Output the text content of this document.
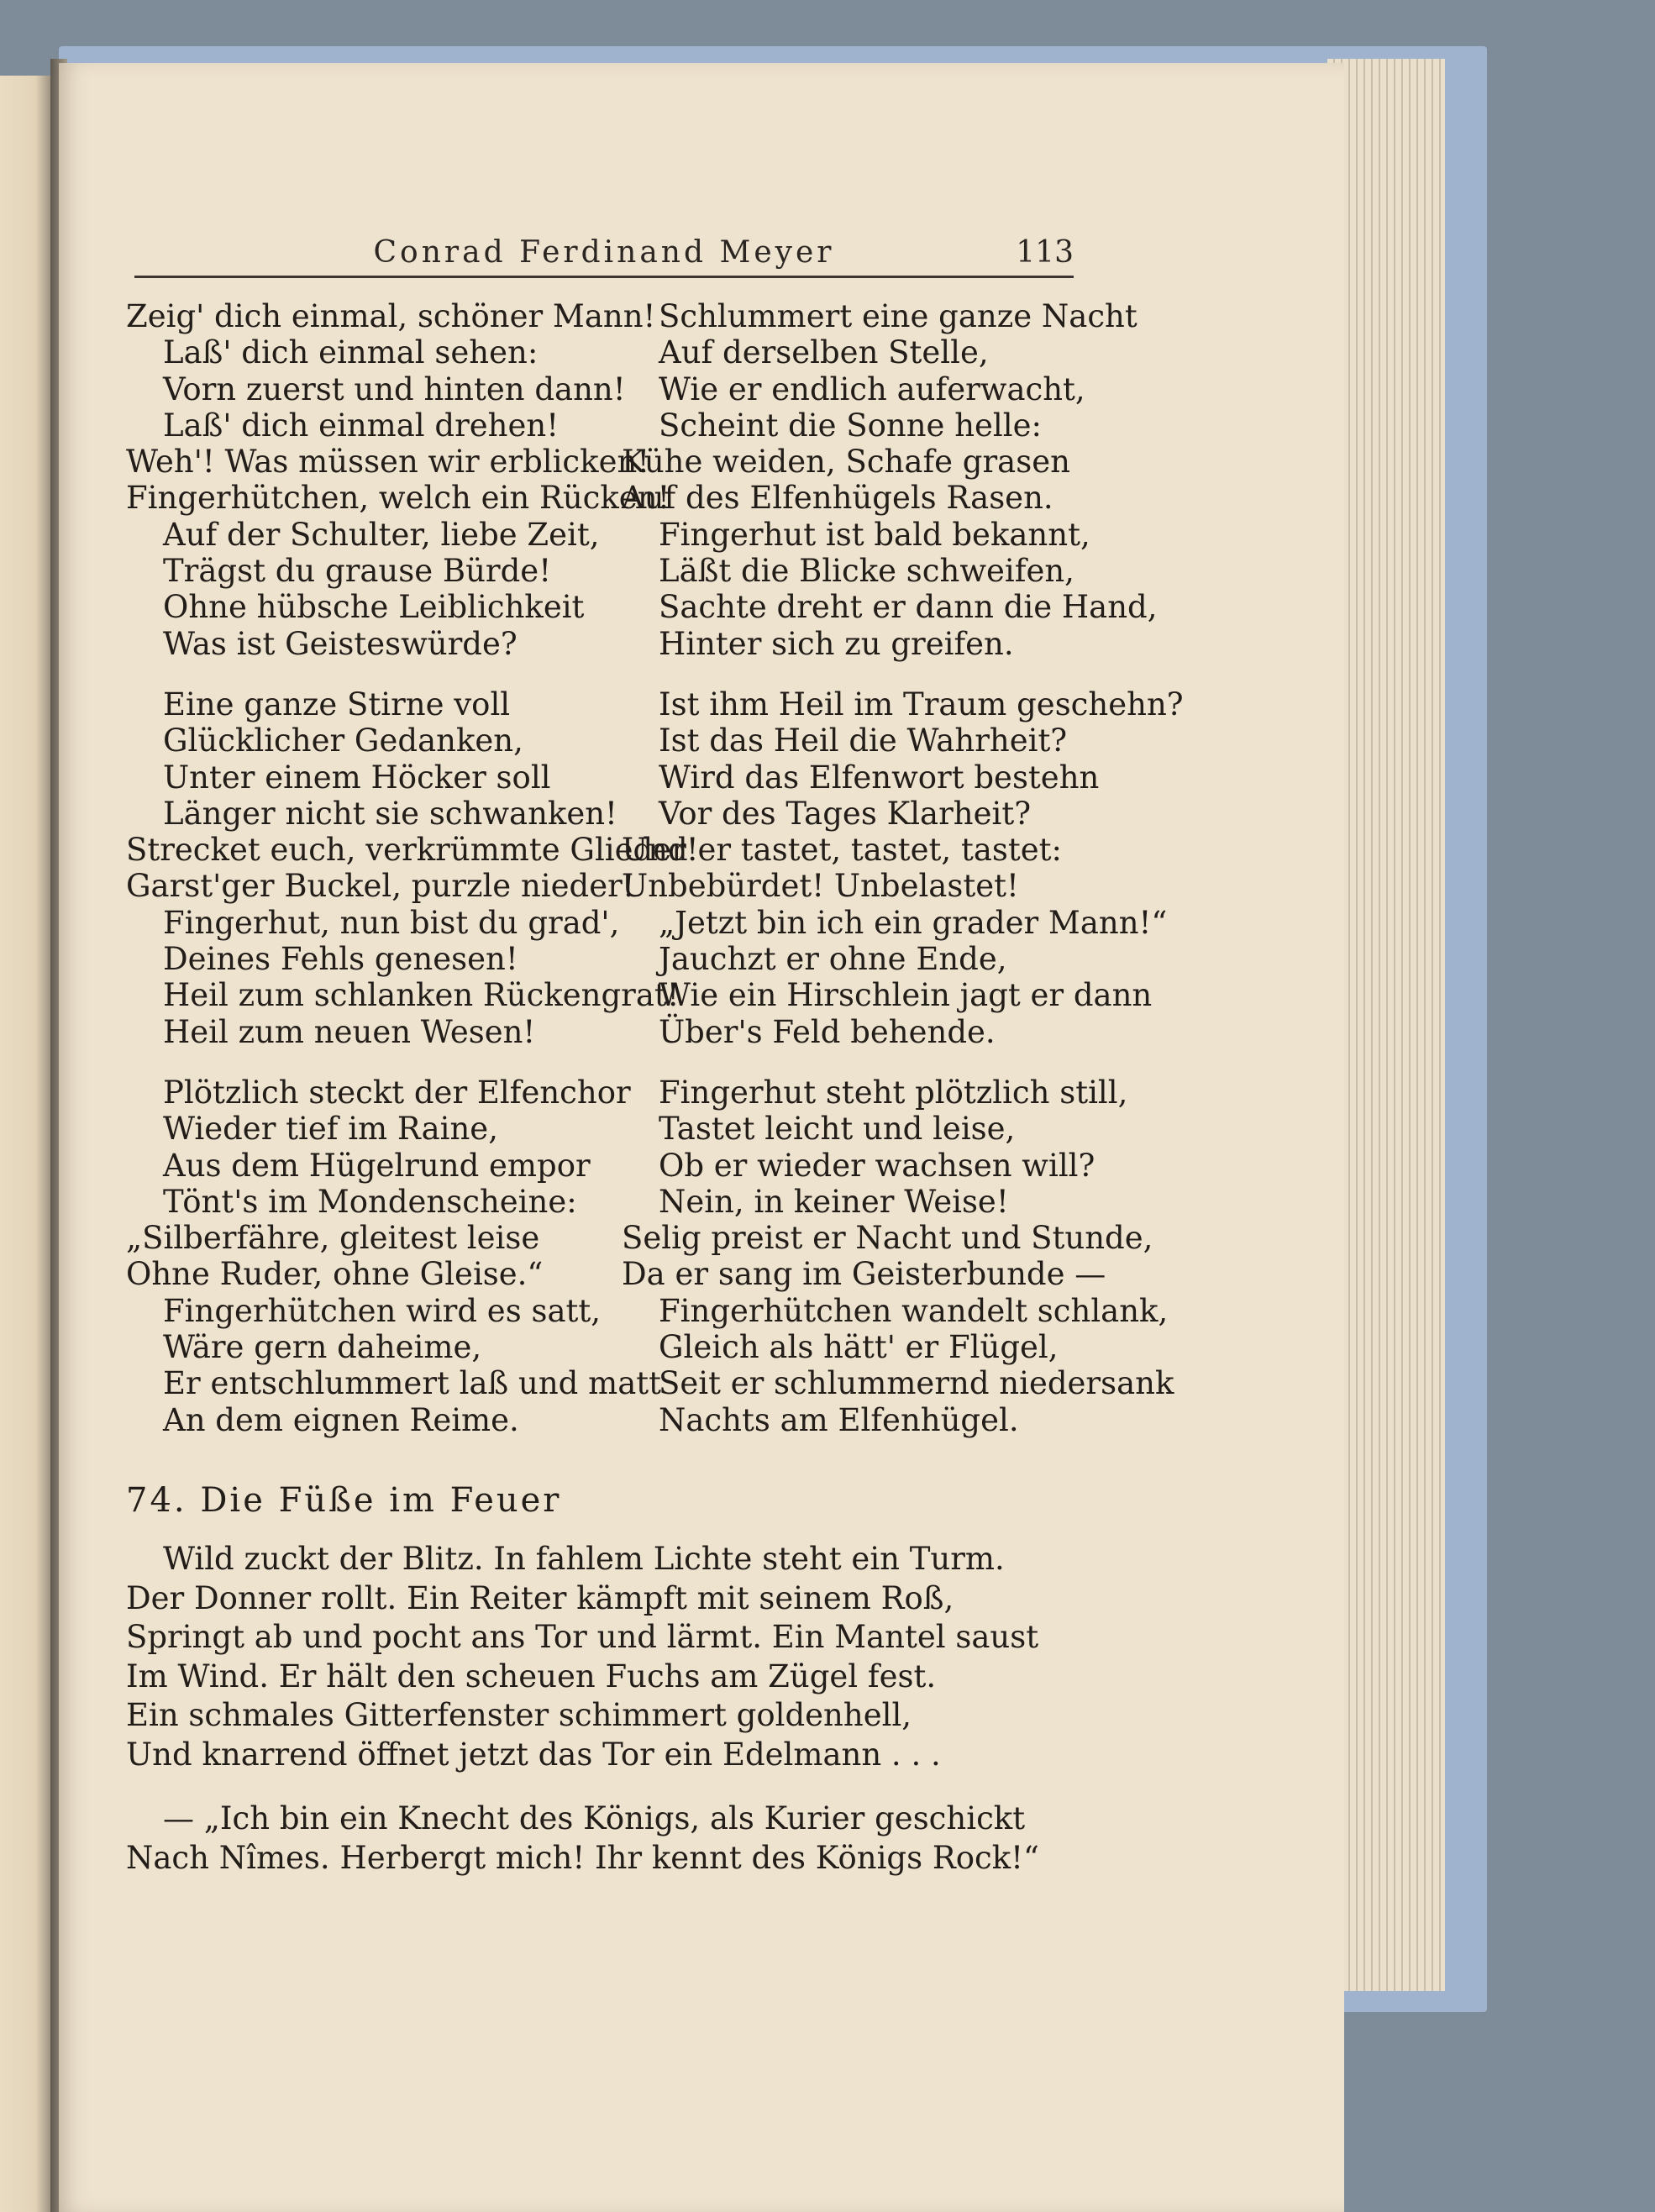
Conrad Ferdinand Meyer	113
Zeig' dich einmal, schöner Mann!
Laß' dich einmal sehen:
Vorn zuerst und hinten dann!
Laß' dich einmal drehen!
Weh'! Was müssen wir erblicken!
Fingerhütchen, welch ein Rücken!
Auf der Schulter, liebe Zeit,
Trägst du grause Bürde!
Ohne hübsche Leiblichkeit
Was ist Geisteswürde?
Eine ganze Stirne voll
Glücklicher Gedanken,
Unter einem Höcker soll
Länger nicht sie schwanken!
Strecket euch, verkrümmte Glieder!
Garst'ger Buckel, purzle nieder!
Fingerhut, nun bist du grad',
Deines Fehls genesen!
Heil zum schlanken Rückengrat!
Heil zum neuen Wesen!
Plötzlich steckt der Elfenchor
Wieder tief im Raine,
Aus dem Hügelrund empor
Tönt's im Mondenscheine:
„Silberfähre, gleitest leise
Ohne Ruder, ohne Gleise.“
Fingerhütchen wird es satt,
Wäre gern daheime,
Er entschlummert laß und matt
An dem eignen Reime.
Schlummert eine ganze Nacht
Auf derselben Stelle,
Wie er endlich auferwacht,
Scheint die Sonne helle:
Kühe weiden, Schafe grasen
Auf des Elfenhügels Rasen.
Fingerhut ist bald bekannt,
Läßt die Blicke schweifen,
Sachte dreht er dann die Hand,
Hinter sich zu greifen.
Ist ihm Heil im Traum geschehn?
Ist das Heil die Wahrheit?
Wird das Elfenwort bestehn
Vor des Tages Klarheit?
Und er tastet, tastet, tastet:
Unbebürdet! Unbelastet!
„Jetzt bin ich ein grader Mann!“
Jauchzt er ohne Ende,
Wie ein Hirschlein jagt er dann
Über's Feld behende.
Fingerhut steht plötzlich still,
Tastet leicht und leise,
Ob er wieder wachsen will?
Nein, in keiner Weise!
Selig preist er Nacht und Stunde,
Da er sang im Geisterbunde —
Fingerhütchen wandelt schlank,
Gleich als hätt' er Flügel,
Seit er schlummernd niedersank
Nachts am Elfenhügel.
74. Die Füße im Feuer
Wild zuckt der Blitz. In fahlem Lichte steht ein Turm.
Der Donner rollt. Ein Reiter kämpft mit seinem Roß,
Springt ab und pocht ans Tor und lärmt. Ein Mantel saust
Im Wind. Er hält den scheuen Fuchs am Zügel fest.
Ein schmales Gitterfenster schimmert goldenhell,
Und knarrend öffnet jetzt das Tor ein Edelmann . . .
— „Ich bin ein Knecht des Königs, als Kurier geschickt
Nach Nîmes. Herbergt mich! Ihr kennt des Königs Rock!“
